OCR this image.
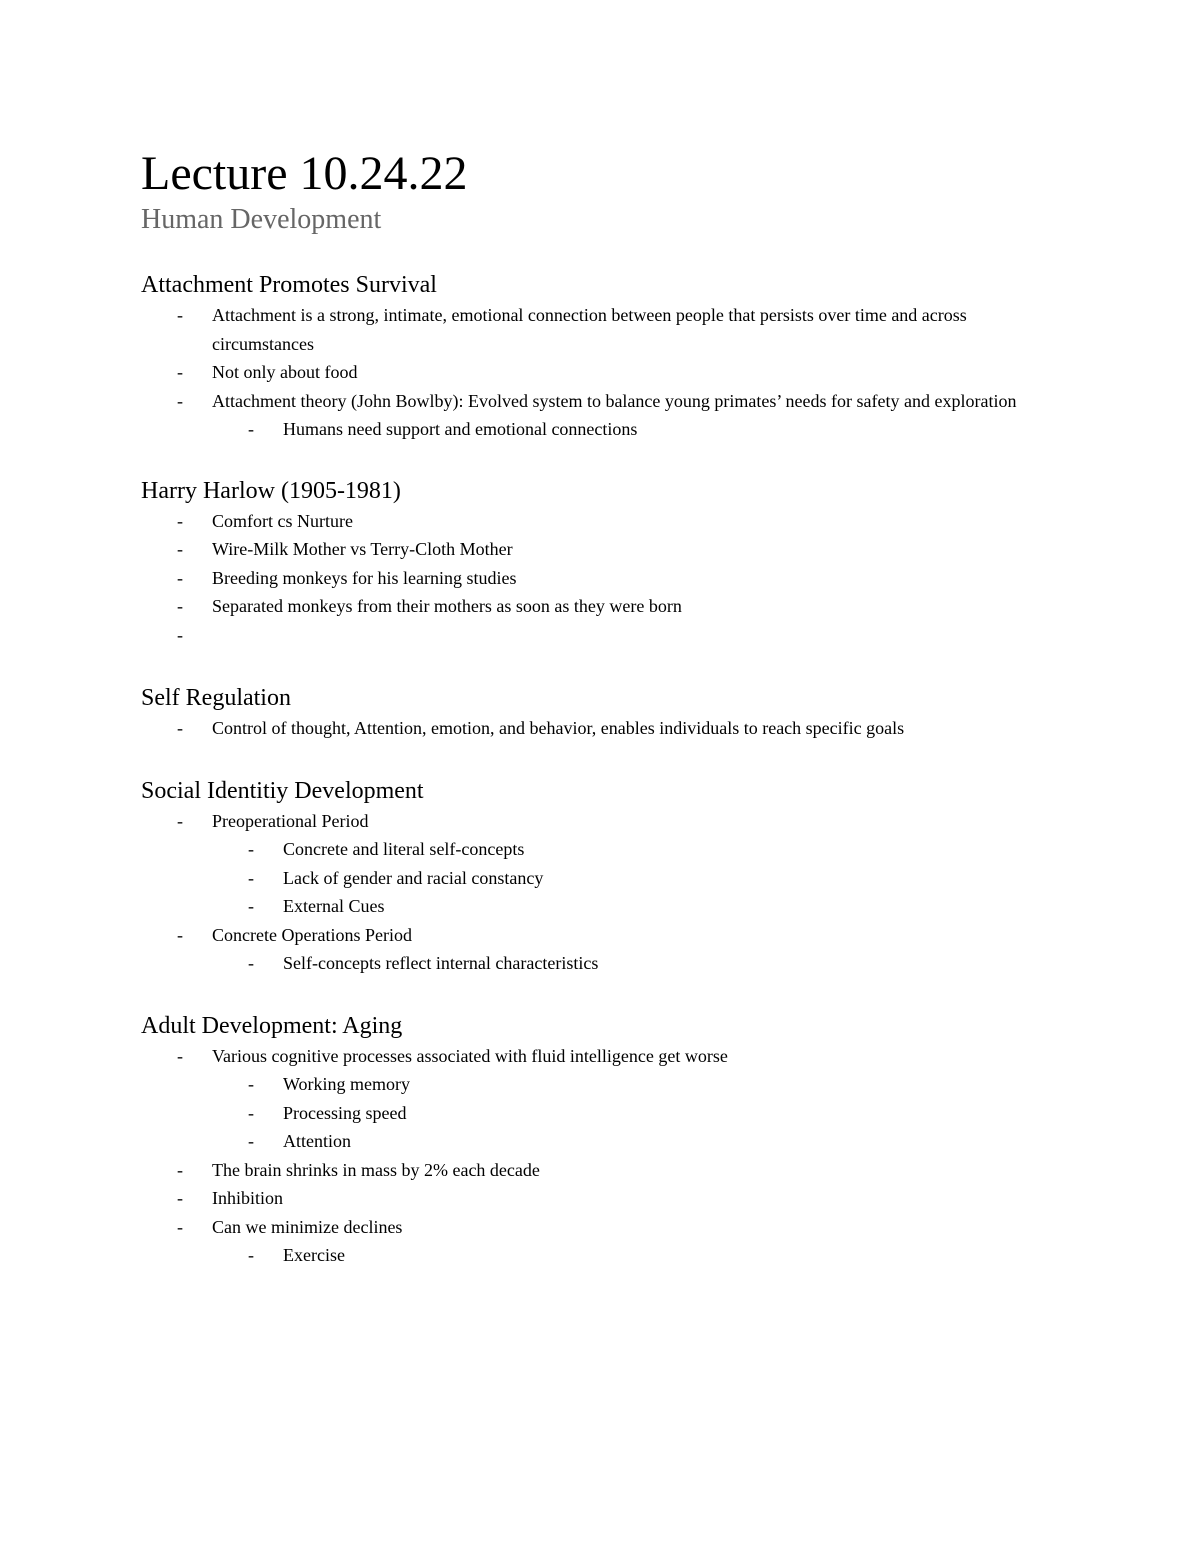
Lecture 10.24.22
Human Development
Attachment Promotes Survival
- Attachment is a strong, intimate, emotional connection between people that persists over time and across circumstances
- Not only about food
- Attachment theory (John Bowlby): Evolved system to balance young primates’ needs for safety and exploration
- Humans need support and emotional connections
Harry Harlow (1905-1981)
- Comfort cs Nurture
- Wire-Milk Mother vs Terry-Cloth Mother
- Breeding monkeys for his learning studies
- Separated monkeys from their mothers as soon as they were born
-

Self Regulation
- Control of thought, Attention, emotion, and behavior, enables individuals to reach specific goals
Social Identitiy Development
- Preoperational Period
- Concrete and literal self-concepts
- Lack of gender and racial constancy
- External Cues
- Concrete Operations Period
- Self-concepts reflect internal characteristics
Adult Development: Aging
- Various cognitive processes associated with fluid intelligence get worse
- Working memory
- Processing speed
- Attention
- The brain shrinks in mass by 2% each decade
- Inhibition
- Can we minimize declines
- Exercise
